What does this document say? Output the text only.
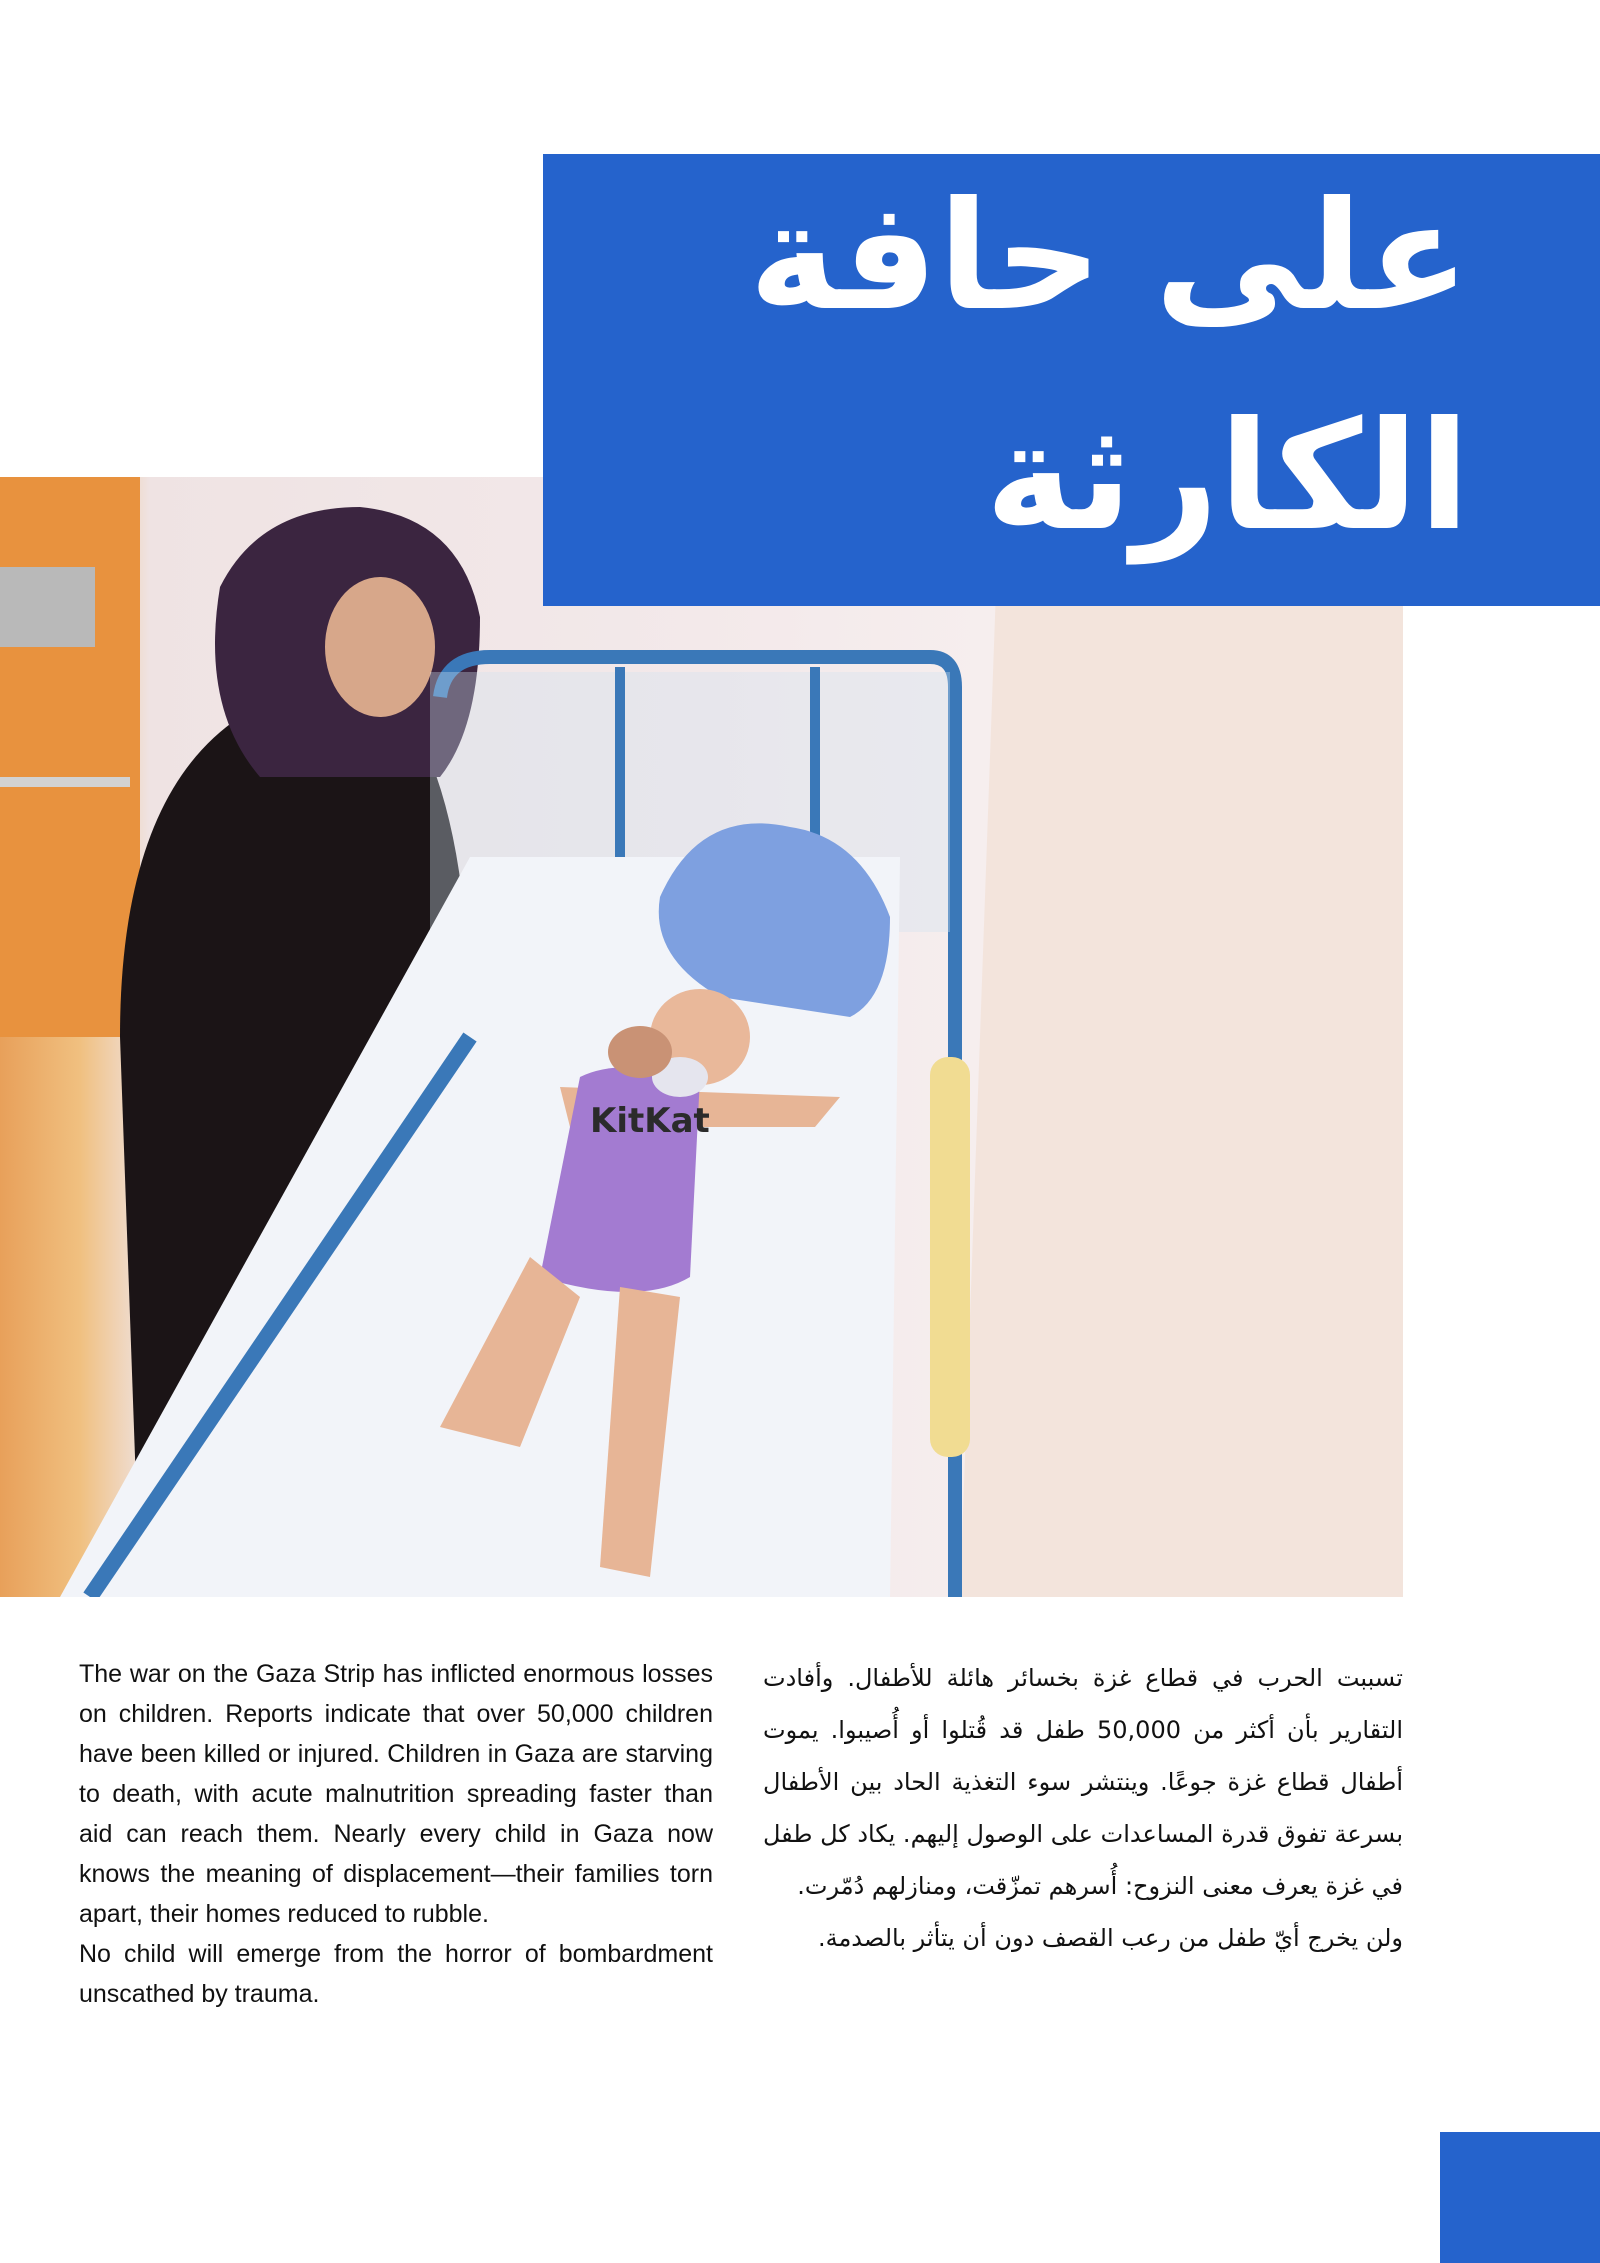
KitKat
على حافة
الكارثة

The war on the Gaza Strip has inflicted enormous losses on children. Reports indicate that over 50,000 children have been killed or injured. Children in Gaza are starving to death, with acute malnutrition spreading faster than aid can reach them. Nearly every child in Gaza now knows the meaning of displacement—their families torn apart, their homes reduced to rubble.

No child will emerge from the horror of bombardment unscathed by trauma.

تسببت الحرب في قطاع غزة بخسائر هائلة للأطفال. وأفادت التقارير بأن أكثر من 50,000 طفل قد قُتلوا أو أُصيبوا. يموت أطفال قطاع غزة جوعًا. وينتشر سوء التغذية الحاد بين الأطفال بسرعة تفوق قدرة المساعدات على الوصول إليهم. يكاد كل طفل في غزة يعرف معنى النزوح: أُسرهم تمزّقت، ومنازلهم دُمّرت.

ولن يخرج أيّ طفل من رعب القصف دون أن يتأثر بالصدمة.
